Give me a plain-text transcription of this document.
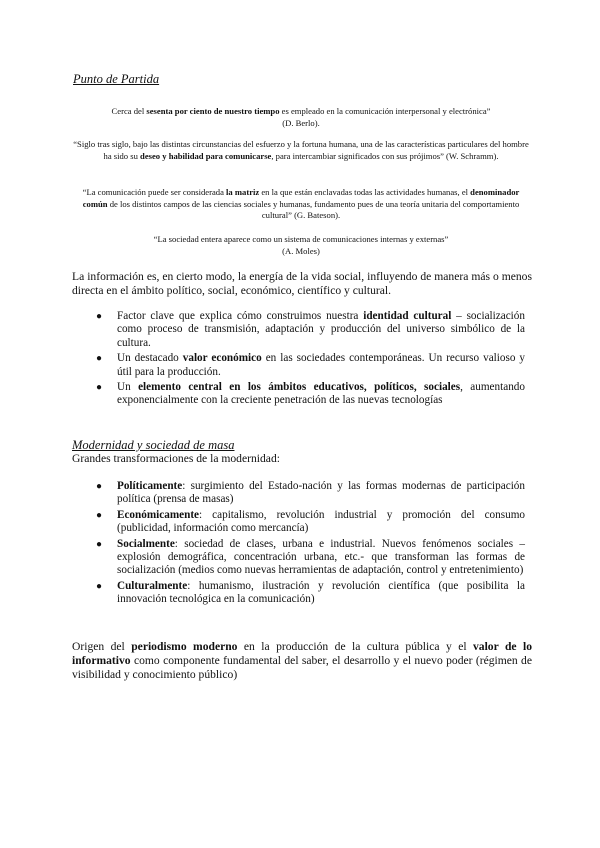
Punto de Partida
Cerca del sesenta por ciento de nuestro tiempo es empleado en la comunicación interpersonal y electrónica”
(D. Berlo).
“Siglo tras siglo, bajo las distintas circunstancias del esfuerzo y la fortuna humana, una de las características particulares del hombre ha sido su deseo y habilidad para comunicarse, para intercambiar significados con sus prójimos” (W. Schramm).
“La comunicación puede ser considerada la matriz en la que están enclavadas todas las actividades humanas, el denominador común de los distintos campos de las ciencias sociales y humanas, fundamento pues de una teoría unitaria del comportamiento cultural” (G. Bateson).
“La sociedad entera aparece como un sistema de comunicaciones internas y externas”
(A. Moles)
La información es, en cierto modo, la energía de la vida social, influyendo de manera más o menos directa en el ámbito político, social, económico, científico y cultural.
● Factor clave que explica cómo construimos nuestra identidad cultural – socialización como proceso de transmisión, adaptación y producción del universo simbólico de la cultura.
● Un destacado valor económico en las sociedades contemporáneas. Un recurso valioso y útil para la producción.
● Un elemento central en los ámbitos educativos, políticos, sociales, aumentando exponencialmente con la creciente penetración de las nuevas tecnologías
Modernidad y sociedad de masa
Grandes transformaciones de la modernidad:
● Políticamente: surgimiento del Estado-nación y las formas modernas de participación política (prensa de masas)
● Económicamente: capitalismo, revolución industrial y promoción del consumo (publicidad, información como mercancía)
● Socialmente: sociedad de clases, urbana e industrial. Nuevos fenómenos sociales –explosión demográfica, concentración urbana, etc.- que transforman las formas de socialización (medios como nuevas herramientas de adaptación, control y entretenimiento)
● Culturalmente: humanismo, ilustración y revolución científica (que posibilita la innovación tecnológica en la comunicación)
Origen del periodismo moderno en la producción de la cultura pública y el valor de lo informativo como componente fundamental del saber, el desarrollo y el nuevo poder (régimen de visibilidad y conocimiento público)
